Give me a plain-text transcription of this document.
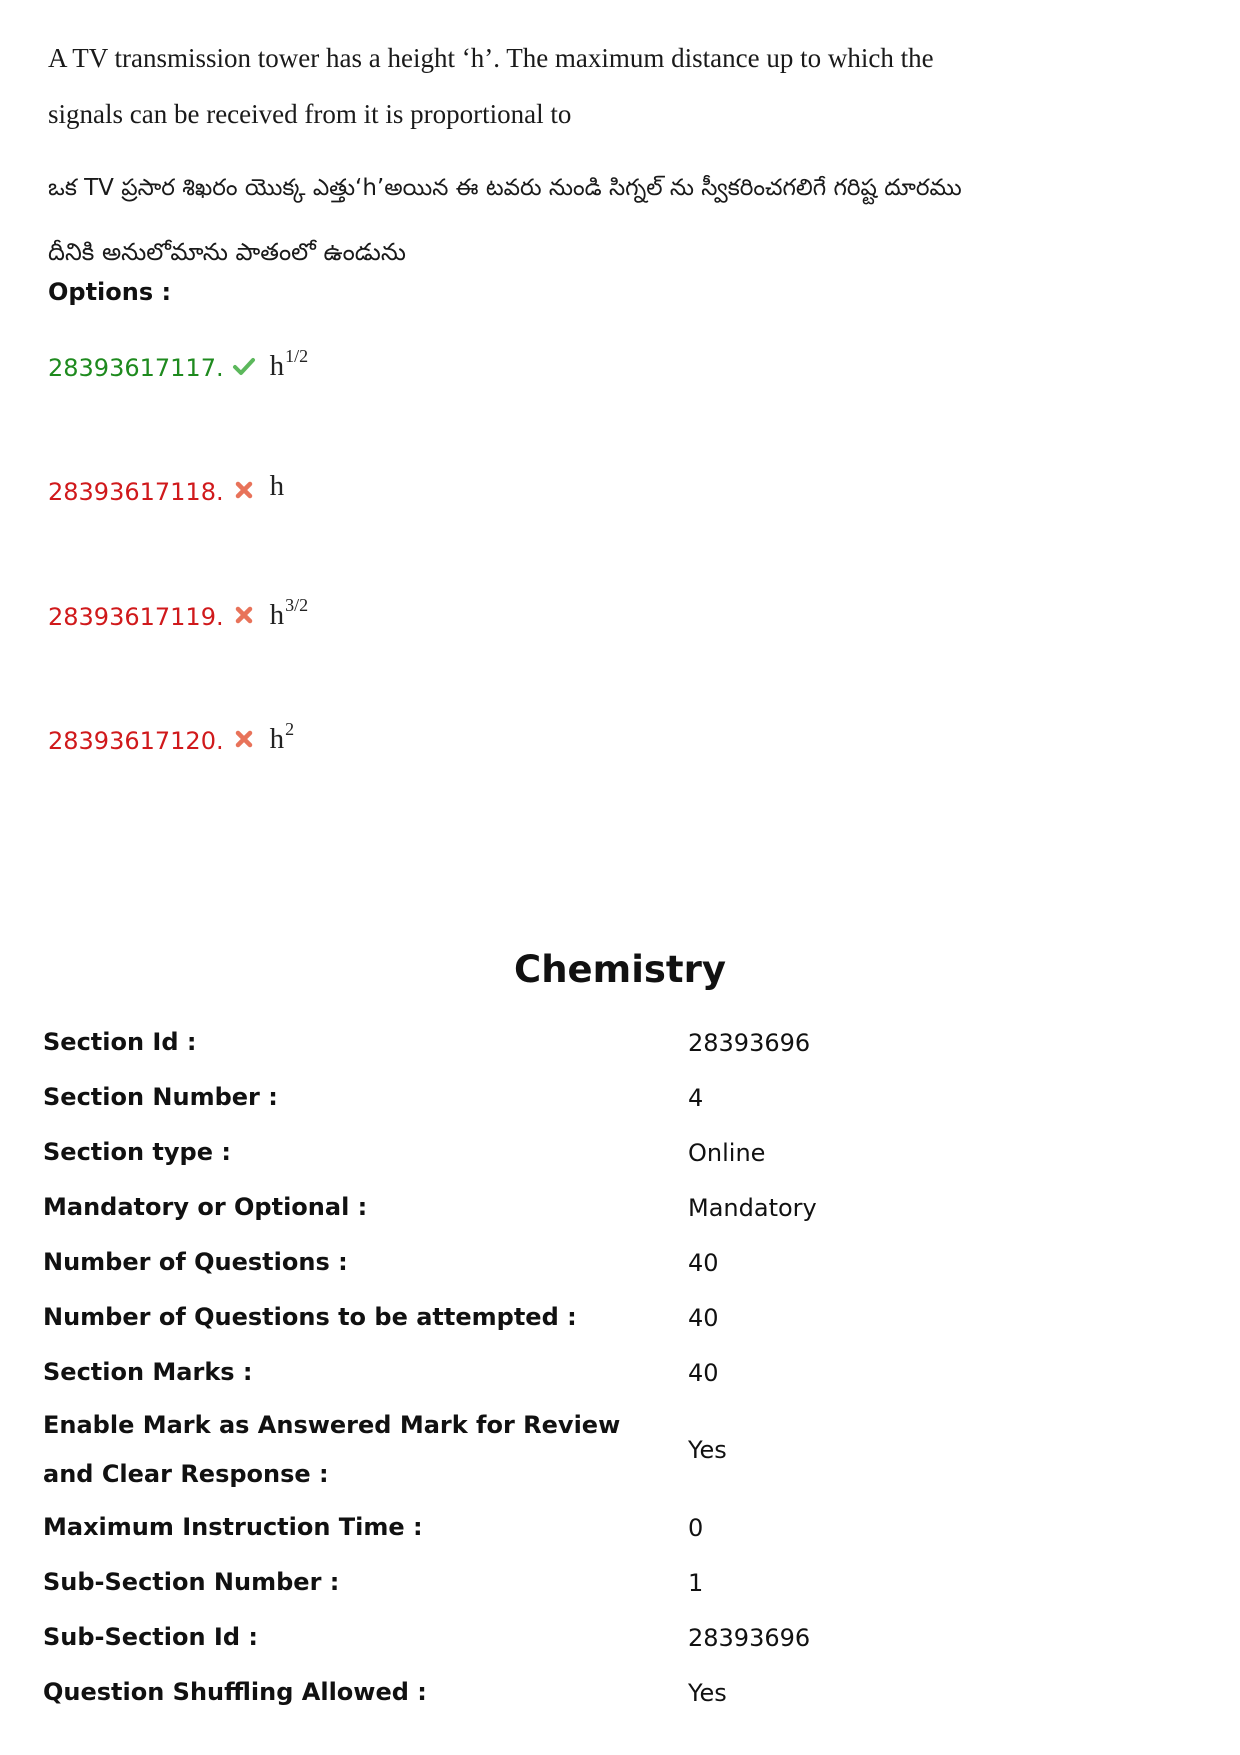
A TV transmission tower has a height ‘h’. The maximum distance up to which the
signals can be received from it is proportional to
ఒక TV ప్రసార శిఖరం యొక్క ఎత్తు‘h’అయిన ఈ టవరు నుండి సిగ్నల్ ను స్వీకరించగలిగే గరిష్ట దూరము
దీనికి అనులోమాను పాతంలో ఉండును
Options :
28393617117. $h^{1/2}$
28393617118. h
28393617119. $h^{3/2}$
28393617120. $h^2$
Chemistry
Section Id :	28393696
Section Number :	4
Section type :	Online
Mandatory or Optional :	Mandatory
Number of Questions :	40
Number of Questions to be attempted :	40
Section Marks :	40
Enable Mark as Answered Mark for Review and Clear Response :
Yes
Maximum Instruction Time :	0
Sub-Section Number :	1
Sub-Section Id :	28393696
Question Shuffling Allowed :	Yes
